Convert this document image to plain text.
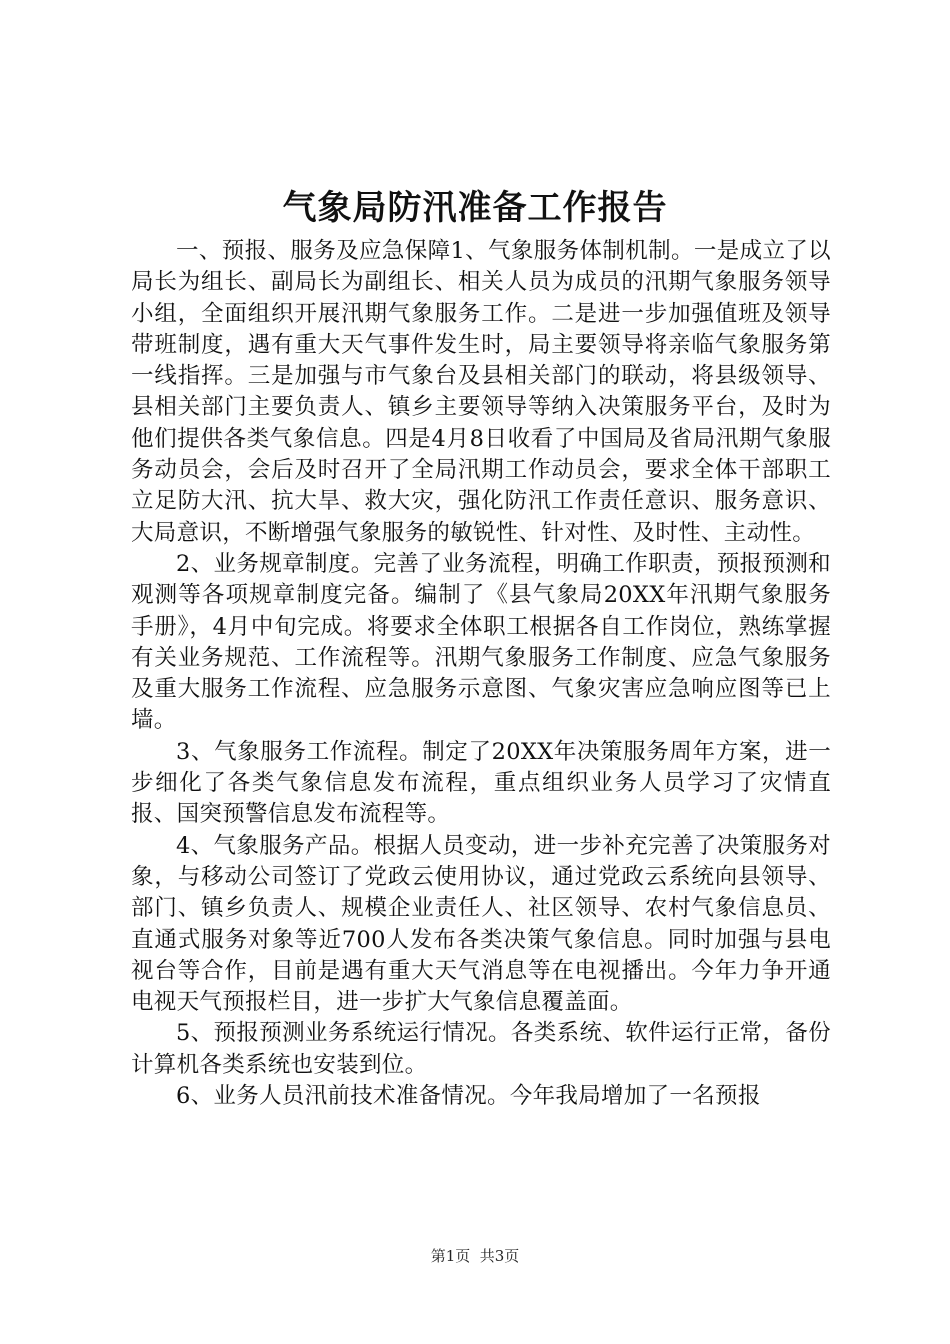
气象局防汛准备工作报告

一、预报、服务及应急保障1、气象服务体制机制。一是成立了以局长为组长、副局长为副组长、相关人员为成员的汛期气象服务领导小组，全面组织开展汛期气象服务工作。二是进一步加强值班及领导带班制度，遇有重大天气事件发生时，局主要领导将亲临气象服务第一线指挥。三是加强与市气象台及县相关部门的联动，将县级领导、县相关部门主要负责人、镇乡主要领导等纳入决策服务平台，及时为他们提供各类气象信息。四是4月8日收看了中国局及省局汛期气象服务动员会，会后及时召开了全局汛期工作动员会，要求全体干部职工立足防大汛、抗大旱、救大灾，强化防汛工作责任意识、服务意识、大局意识，不断增强气象服务的敏锐性、针对性、及时性、主动性。

2、业务规章制度。完善了业务流程，明确工作职责，预报预测和观测等各项规章制度完备。编制了《县气象局20XX年汛期气象服务手册》，4月中旬完成。将要求全体职工根据各自工作岗位，熟练掌握有关业务规范、工作流程等。汛期气象服务工作制度、应急气象服务及重大服务工作流程、应急服务示意图、气象灾害应急响应图等已上墙。

3、气象服务工作流程。制定了20XX年决策服务周年方案，进一步细化了各类气象信息发布流程，重点组织业务人员学习了灾情直报、国突预警信息发布流程等。

4、气象服务产品。根据人员变动，进一步补充完善了决策服务对象，与移动公司签订了党政云使用协议，通过党政云系统向县领导、部门、镇乡负责人、规模企业责任人、社区领导、农村气象信息员、直通式服务对象等近700人发布各类决策气象信息。同时加强与县电视台等合作，目前是遇有重大天气消息等在电视播出。今年力争开通电视天气预报栏目，进一步扩大气象信息覆盖面。

5、预报预测业务系统运行情况。各类系统、软件运行正常，备份计算机各类系统也安装到位。

6、业务人员汛前技术准备情况。今年我局增加了一名预报

第1页  共3页
